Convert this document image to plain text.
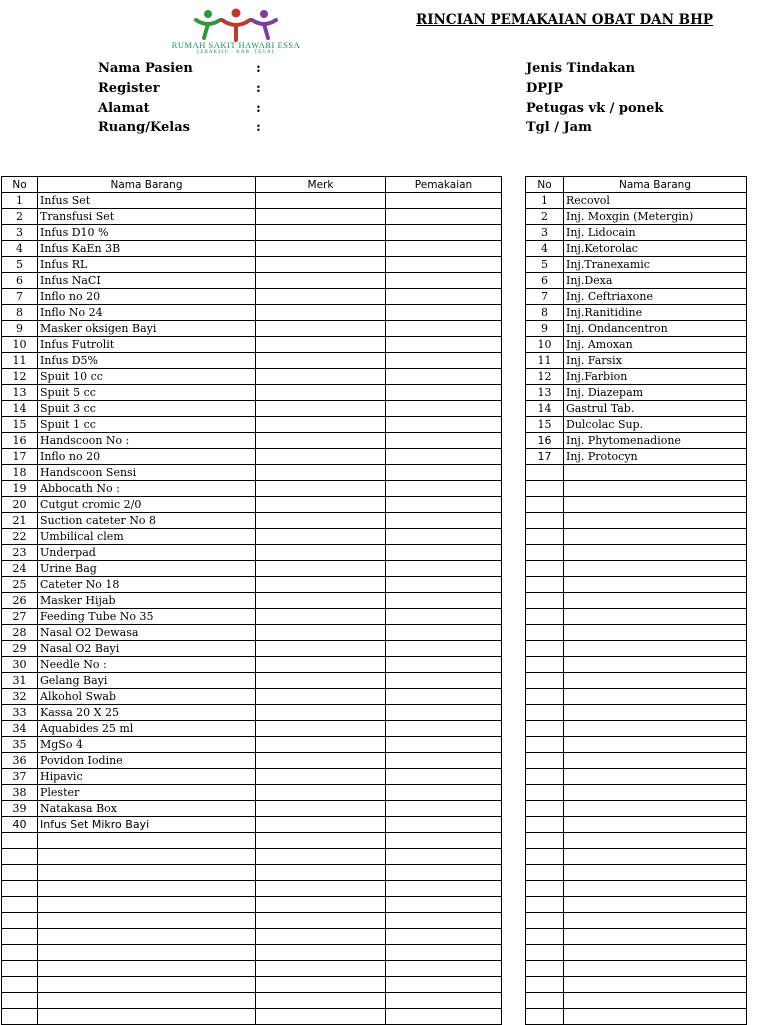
RUMAH SAKIT HAWARI ESSA
LEBAKSIU - KAB. TEGAL
RINCIAN PEMAKAIAN OBAT DAN BHP
Nama Pasien	:
Register	:
Alamat	:
Ruang/Kelas	:
Jenis Tindakan
DPJP
Petugas vk / ponek
Tgl / Jam
No	Nama Barang	Merk	Pemakaian
1	Infus Set		
2	Transfusi Set		
3	Infus D10 %		
4	Infus KaEn 3B		
5	Infus RL		
6	Infus NaCI		
7	Inflo no 20		
8	Inflo No 24		
9	Masker oksigen Bayi		
10	Infus Futrolit		
11	Infus D5%		
12	Spuit 10 cc		
13	Spuit 5 cc		
14	Spuit 3 cc		
15	Spuit 1 cc		
16	Handscoon No :		
17	Inflo no 20		
18	Handscoon Sensi		
19	Abbocath No :		
20	Cutgut cromic 2/0		
21	Suction cateter No 8		
22	Umbilical clem		
23	Underpad		
24	Urine Bag		
25	Cateter No 18		
26	Masker Hijab		
27	Feeding Tube No 35		
28	Nasal O2 Dewasa		
29	Nasal O2 Bayi		
30	Needle No :		
31	Gelang Bayi		
32	Alkohol Swab		
33	Kassa 20 X 25		
34	Aquabides 25 ml		
35	MgSo 4		
36	Povidon Iodine		
37	Hipavic		
38	Plester		
39	Natakasa Box		
40	Infus Set Mikro Bayi		

No	Nama Barang
1	Recovol
2	Inj. Moxgin (Metergin)
3	Inj. Lidocain
4	Inj.Ketorolac
5	Inj.Tranexamic
6	Inj.Dexa
7	Inj. Ceftriaxone
8	Inj.Ranitidine
9	Inj. Ondancentron
10	Inj. Amoxan
11	Inj. Farsix
12	Inj.Farbion
13	Inj. Diazepam
14	Gastrul Tab.
15	Dulcolac Sup.
16	Inj. Phytomenadione
17	Inj. Protocyn
